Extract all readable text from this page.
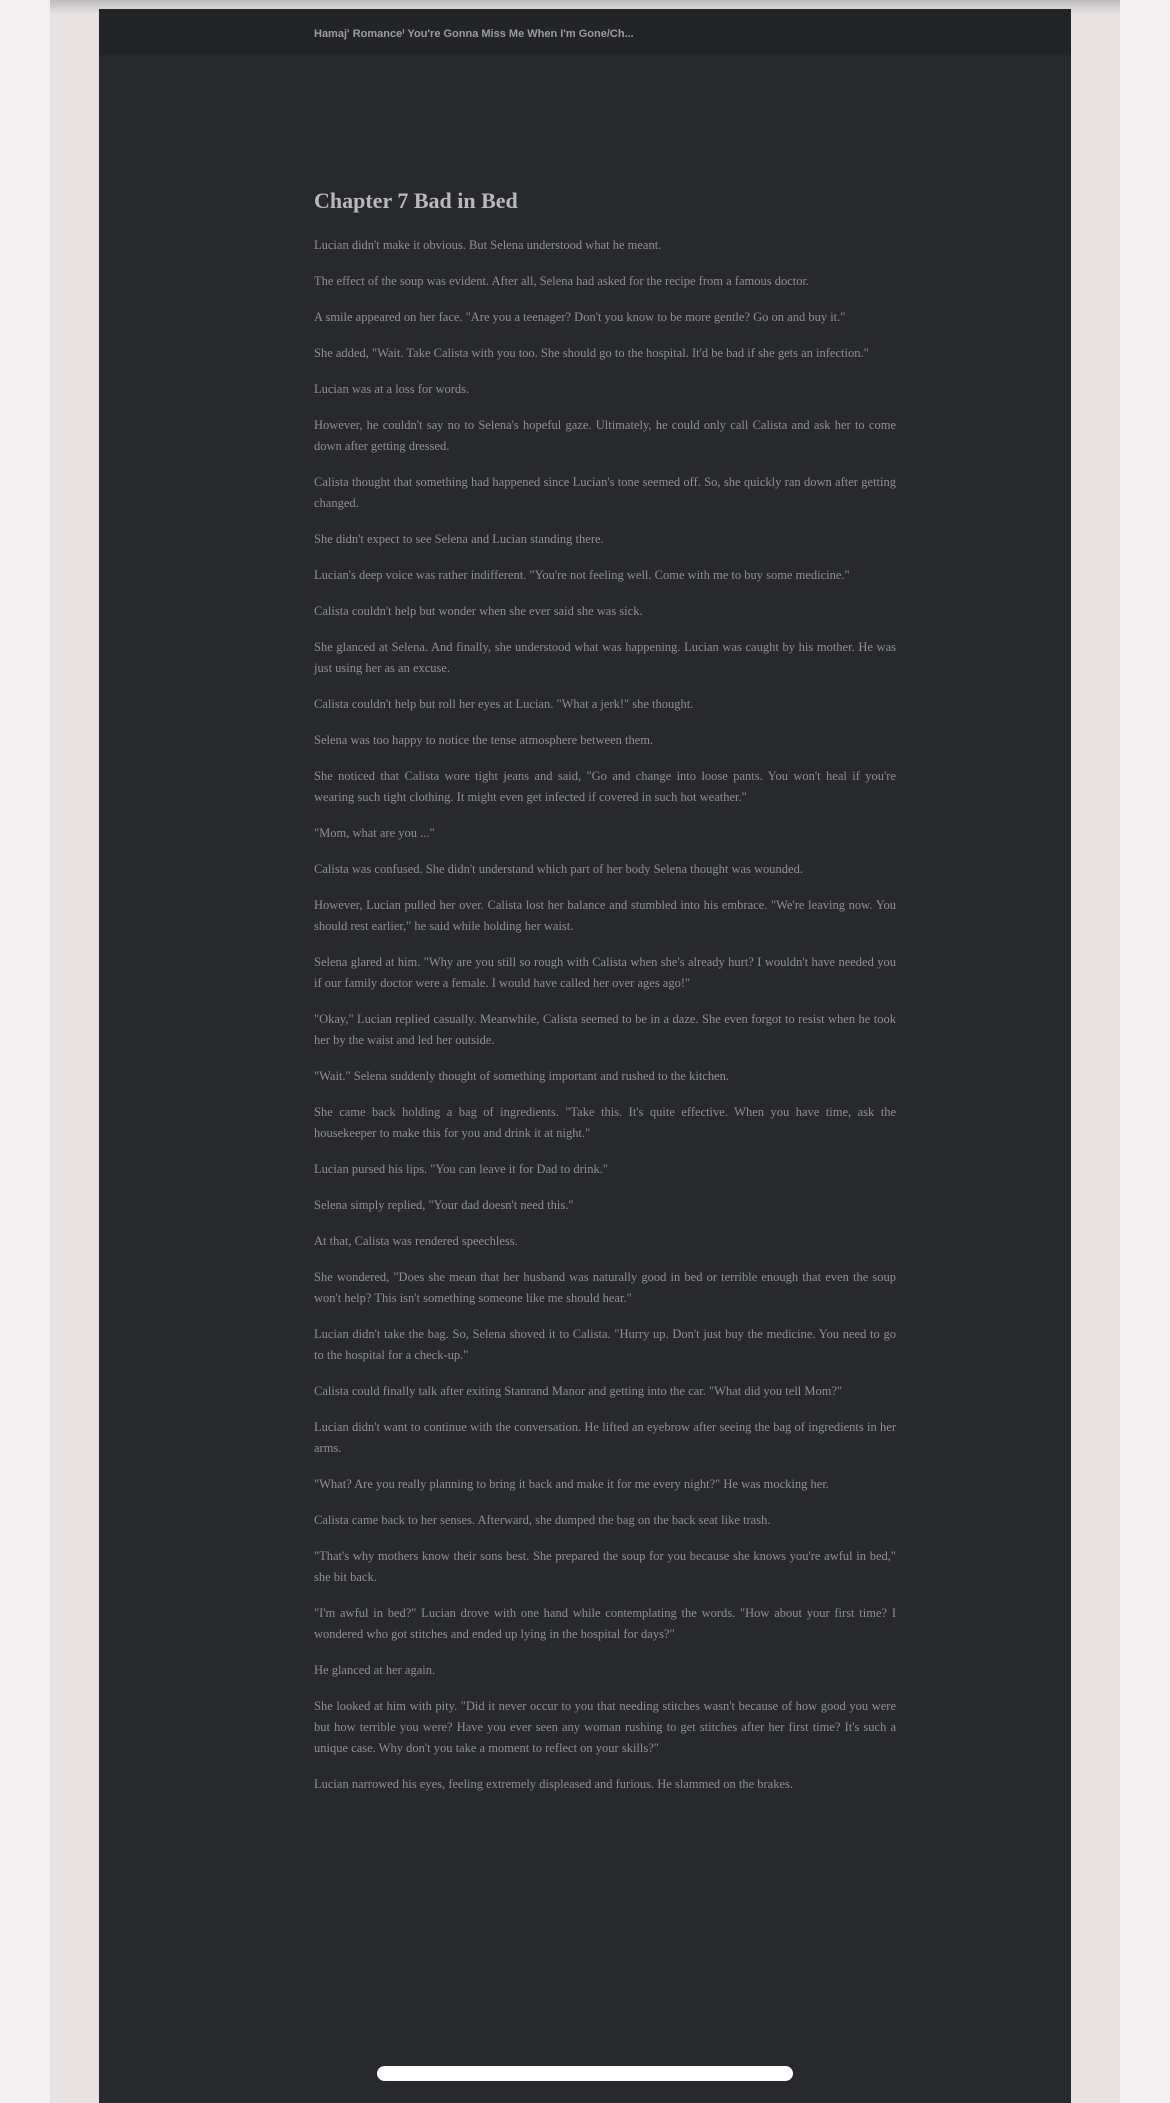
Hamaj' Romanceⁱ You're Gonna Miss Me When I'm Gone/Ch...
Chapter 7 Bad in Bed

Lucian didn't make it obvious. But Selena understood what he meant.

The effect of the soup was evident. After all, Selena had asked for the recipe from a famous doctor.

A smile appeared on her face. "Are you a teenager? Don't you know to be more gentle? Go on and buy it."

She added, "Wait. Take Calista with you too. She should go to the hospital. It'd be bad if she gets an infection."

Lucian was at a loss for words.

However, he couldn't say no to Selena's hopeful gaze. Ultimately, he could only call Calista and ask her to come down after getting dressed.

Calista thought that something had happened since Lucian's tone seemed off. So, she quickly ran down after getting changed.

She didn't expect to see Selena and Lucian standing there.

Lucian's deep voice was rather indifferent. "You're not feeling well. Come with me to buy some medicine."

Calista couldn't help but wonder when she ever said she was sick.

She glanced at Selena. And finally, she understood what was happening. Lucian was caught by his mother. He was just using her as an excuse.

Calista couldn't help but roll her eyes at Lucian. "What a jerk!" she thought.

Selena was too happy to notice the tense atmosphere between them.

She noticed that Calista wore tight jeans and said, "Go and change into loose pants. You won't heal if you're wearing such tight clothing. It might even get infected if covered in such hot weather."

"Mom, what are you ..."

Calista was confused. She didn't understand which part of her body Selena thought was wounded.

However, Lucian pulled her over. Calista lost her balance and stumbled into his embrace. "We're leaving now. You should rest earlier," he said while holding her waist.

Selena glared at him. "Why are you still so rough with Calista when she's already hurt? I wouldn't have needed you if our family doctor were a female. I would have called her over ages ago!"

"Okay," Lucian replied casually. Meanwhile, Calista seemed to be in a daze. She even forgot to resist when he took her by the waist and led her outside.

"Wait." Selena suddenly thought of something important and rushed to the kitchen.

She came back holding a bag of ingredients. "Take this. It's quite effective. When you have time, ask the housekeeper to make this for you and drink it at night."

Lucian pursed his lips. "You can leave it for Dad to drink."

Selena simply replied, "Your dad doesn't need this."

At that, Calista was rendered speechless.

She wondered, "Does she mean that her husband was naturally good in bed or terrible enough that even the soup won't help? This isn't something someone like me should hear."

Lucian didn't take the bag. So, Selena shoved it to Calista. "Hurry up. Don't just buy the medicine. You need to go to the hospital for a check-up."

Calista could finally talk after exiting Stanrand Manor and getting into the car. "What did you tell Mom?"

Lucian didn't want to continue with the conversation. He lifted an eyebrow after seeing the bag of ingredients in her arms.

"What? Are you really planning to bring it back and make it for me every night?" He was mocking her.

Calista came back to her senses. Afterward, she dumped the bag on the back seat like trash.

"That's why mothers know their sons best. She prepared the soup for you because she knows you're awful in bed," she bit back.

"I'm awful in bed?" Lucian drove with one hand while contemplating the words. "How about your first time? I wondered who got stitches and ended up lying in the hospital for days?"

He glanced at her again.

She looked at him with pity. "Did it never occur to you that needing stitches wasn't because of how good you were but how terrible you were? Have you ever seen any woman rushing to get stitches after her first time? It's such a unique case. Why don't you take a moment to reflect on your skills?"

Lucian narrowed his eyes, feeling extremely displeased and furious. He slammed on the brakes.
